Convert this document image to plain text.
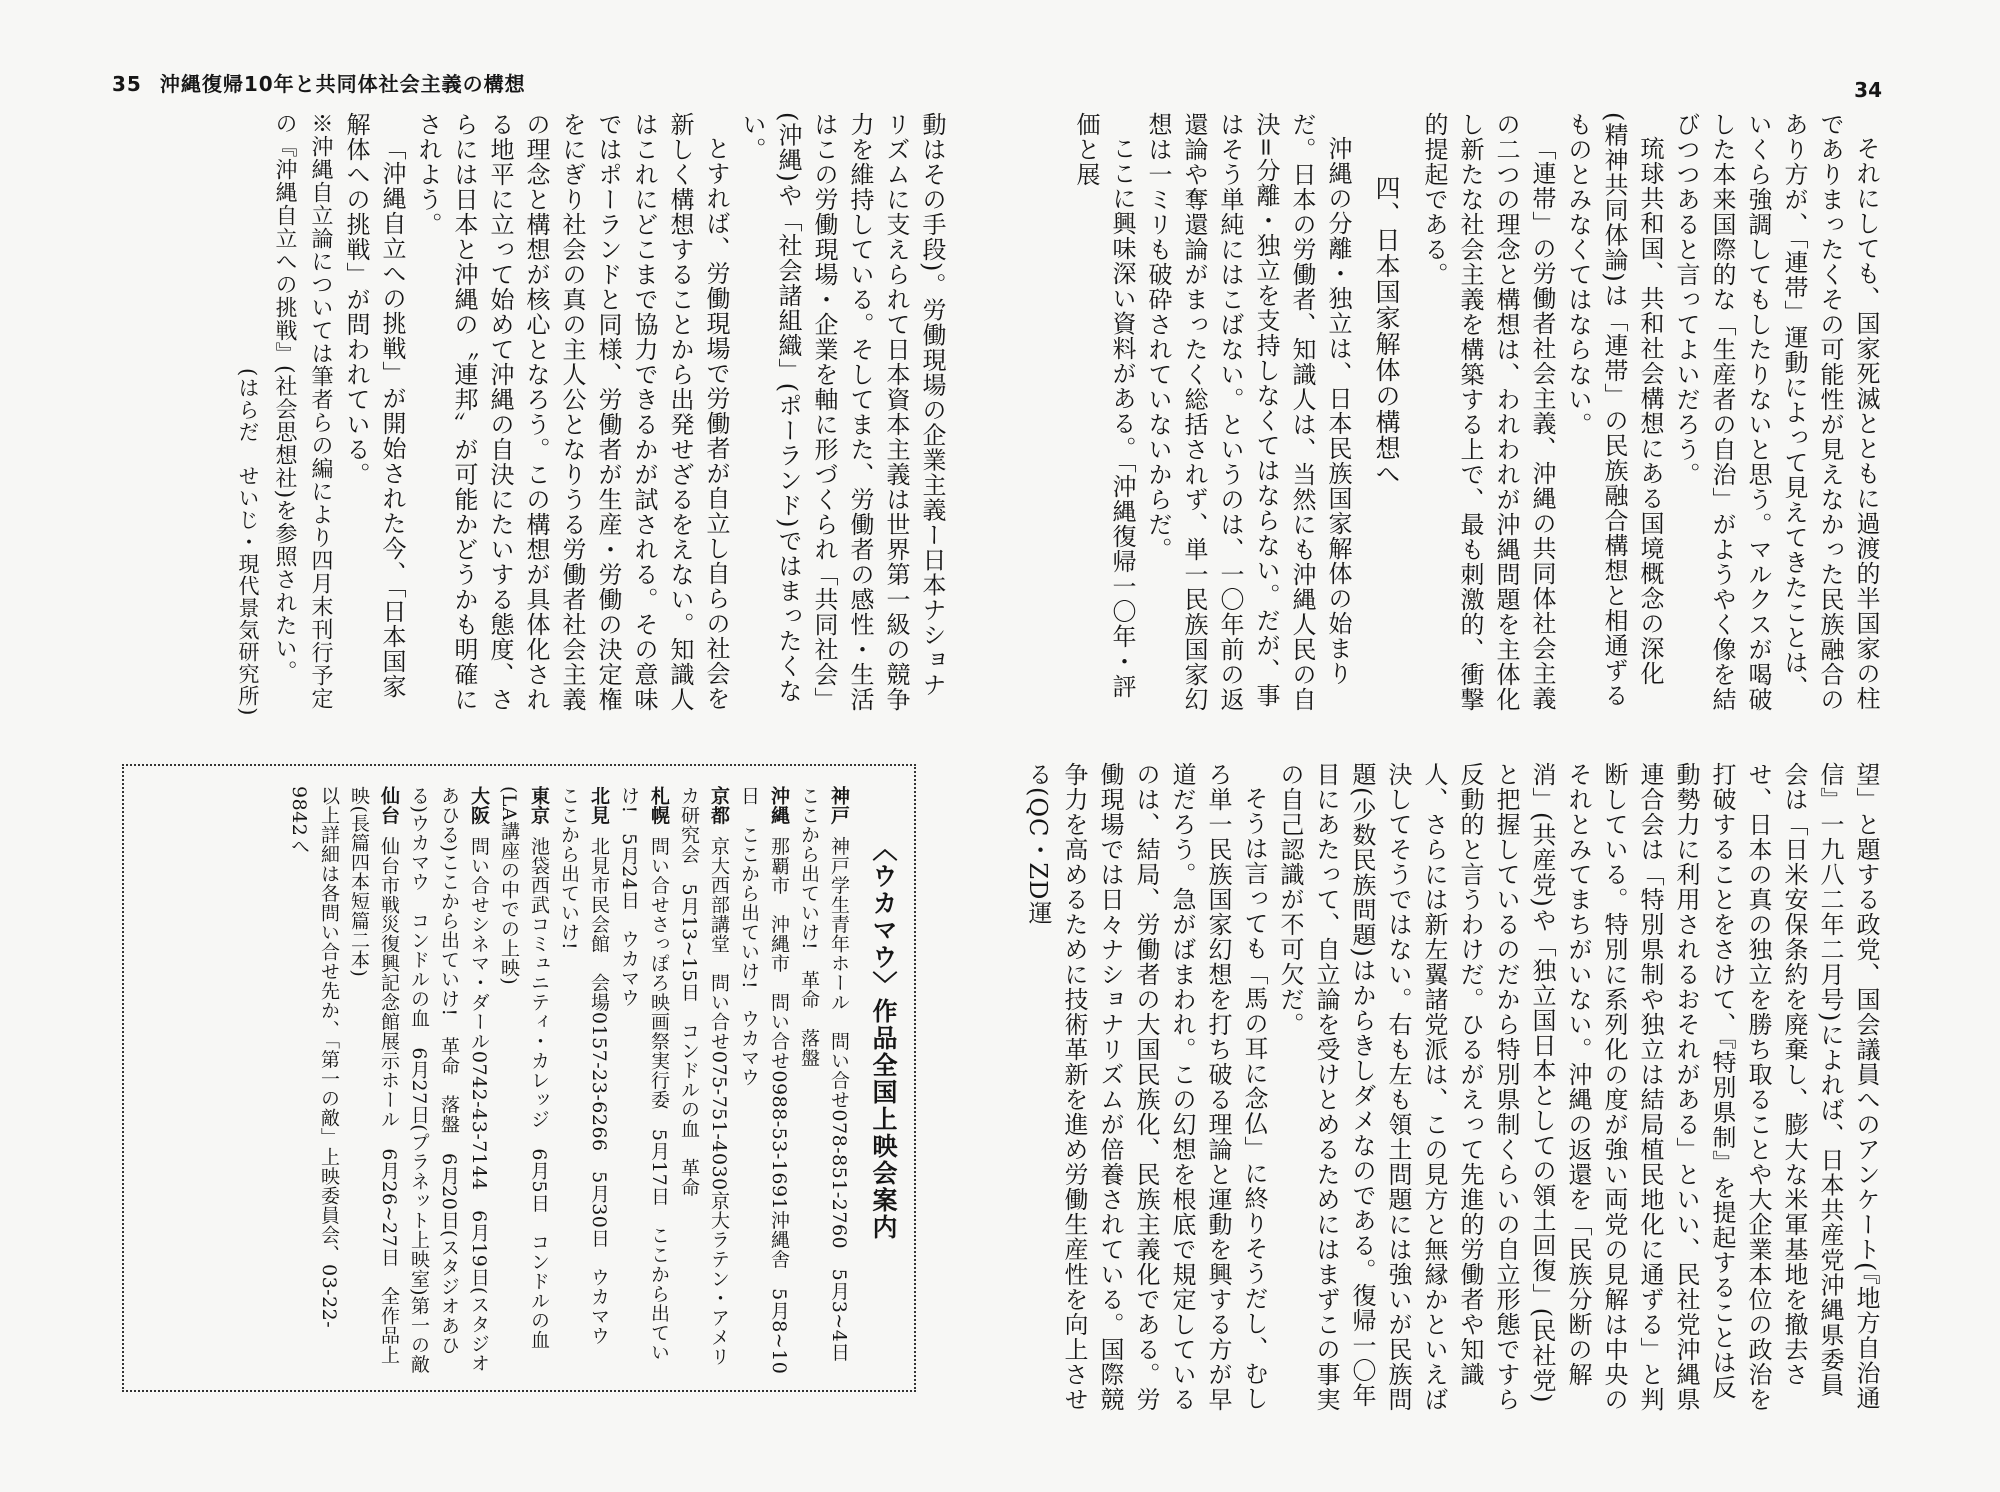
35 沖縄復帰10年と共同体社会主義の構想

動はその手段)。労働現場の企業主義ー日本ナショナリズムに支えられて日本資本主義は世界第一級の競争力を維持している。そしてまた、労働者の感性・生活はこの労働現場・企業を軸に形づくられ「共同社会」(沖縄)や「社会諸組織」(ポーランド)ではまったくない。

とすれば、労働現場で労働者が自立し自らの社会を新しく構想することから出発せざるをえない。知識人はこれにどこまで協力できるかが試される。その意味ではポーランドと同様、労働者が生産・労働の決定権をにぎり社会の真の主人公となりうる労働者社会主義の理念と構想が核心となろう。この構想が具体化される地平に立って始めて沖縄の自決にたいする態度、さらには日本と沖縄の〝連邦〟が可能かどうかも明確にされよう。

「沖縄自立への挑戦」が開始された今、「日本国家解体への挑戦」が問われている。

※沖縄自立論については筆者らの編により四月末刊行予定の『沖縄自立への挑戦』(社会思想社)を参照されたい。

(はらだ　せいじ・現代景気研究所)

〈ウカマウ〉作品全国上映会案内

神戸神戸学生青年ホール　問い合せ078-851-2760　5月3~4日　ここから出ていけ!　革命　落盤

沖縄那覇市　沖縄市　問い合せ0988-53-1691沖縄舎　5月8~10日　ここから出ていけ!　ウカマウ

京都京大西部講堂　問い合せ075-751-4030京大ラテン・アメリカ研究会　5月13~15日　コンドルの血　革命

札幌問い合せさっぽろ映画祭実行委　5月17日　ここから出ていけ!　5月24日　ウカマウ

北見北見市民会館　会場0157-23-6266　5月30日　ウカマウ　ここから出ていけ!

東京池袋西武コミュニティ・カレッジ　6月5日　コンドルの血(LA講座の中での上映)

大阪問い合せシネマ・ダール0742-43-7144　6月19日(スタジオあひる)ここから出ていけ!　革命　落盤　6月20日(スタジオあひる)ウカマウ　コンドルの血　6月27日(プラネット上映室)第一の敵

仙台仙台市戦災復興記念館展示ホール　6月26~27日　全作品上映(長篇四本短篇二本)

以上詳細は各問い合せ先か、「第一の敵」上映委員会、03-22-9842へ

34

それにしても、国家死滅とともに過渡的半国家の柱でありまったくその可能性が見えなかった民族融合のあり方が、「連帯」運動によって見えてきたことは、いくら強調してもしたりないと思う。マルクスが喝破した本来国際的な「生産者の自治」がようやく像を結びつつあると言ってよいだろう。

琉球共和国、共和社会構想にある国境概念の深化(精神共同体論)は「連帯」の民族融合構想と相通ずるものとみなくてはならない。

「連帯」の労働者社会主義、沖縄の共同体社会主義の二つの理念と構想は、われわれが沖縄問題を主体化し新たな社会主義を構築する上で、最も刺激的、衝撃的提起である。

四、日本国家解体の構想へ

沖縄の分離・独立は、日本民族国家解体の始まりだ。日本の労働者、知識人は、当然にも沖縄人民の自決=分離・独立を支持しなくてはならない。だが、事はそう単純にはこばない。というのは、一〇年前の返還論や奪還論がまったく総括されず、単一民族国家幻想は一ミリも破砕されていないからだ。

ここに興味深い資料がある。「沖縄復帰一〇年・評価と展

望」と題する政党、国会議員へのアンケート(『地方自治通信』一九八二年二月号)によれば、日本共産党沖縄県委員会は「日米安保条約を廃棄し、膨大な米軍基地を撤去させ、日本の真の独立を勝ち取ることや大企業本位の政治を打破することをさけて、『特別県制』を提起することは反動勢力に利用されるおそれがある」といい、民社党沖縄県連合会は「特別県制や独立は結局植民地化に通ずる」と判断している。特別に系列化の度が強い両党の見解は中央のそれとみてまちがいない。沖縄の返還を「民族分断の解消」(共産党)や「独立国日本としての領土回復」(民社党)と把握しているのだから特別県制くらいの自立形態ですら反動的と言うわけだ。ひるがえって先進的労働者や知識人、さらには新左翼諸党派は、この見方と無縁かといえば決してそうではない。右も左も領土問題には強いが民族問題(少数民族問題)はからきしダメなのである。復帰一〇年目にあたって、自立論を受けとめるためにはまずこの事実の自己認識が不可欠だ。

そうは言っても「馬の耳に念仏」に終りそうだし、むしろ単一民族国家幻想を打ち破る理論と運動を興する方が早道だろう。急がばまわれ。この幻想を根底で規定しているのは、結局、労働者の大国民族化、民族主義化である。労働現場では日々ナショナリズムが倍養されている。国際競争力を高めるために技術革新を進め労働生産性を向上させる(QC・ZD運
